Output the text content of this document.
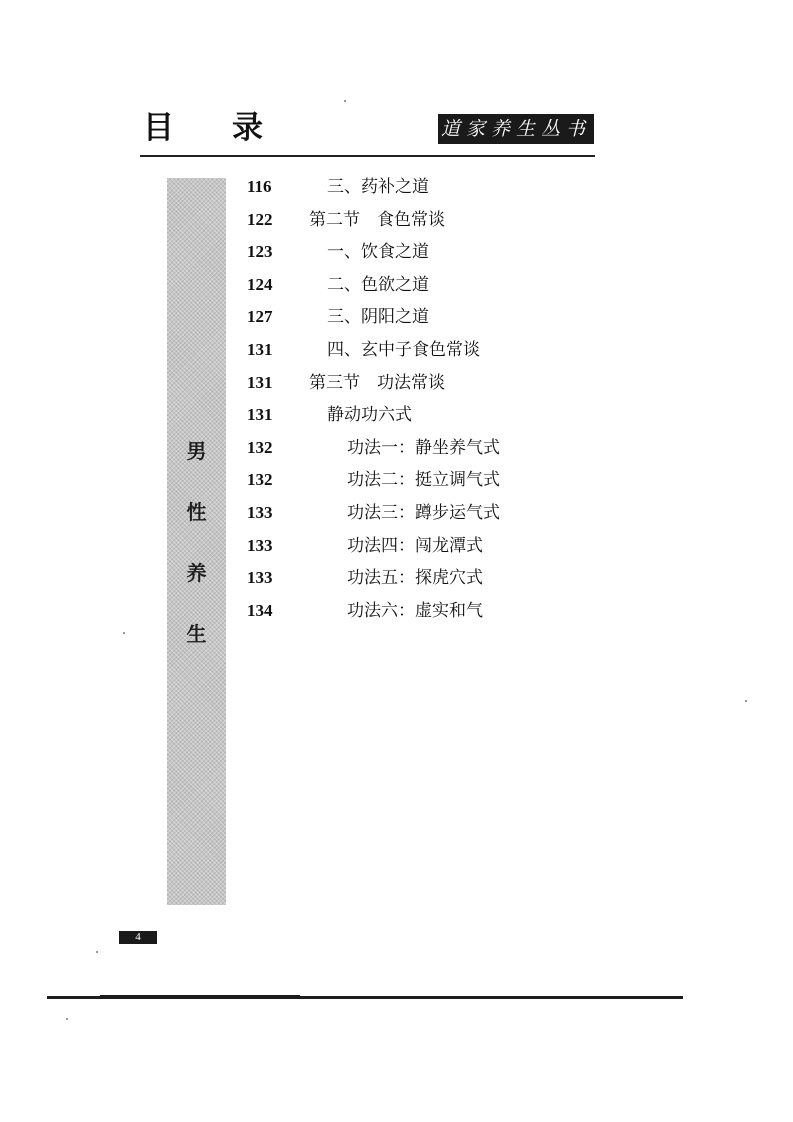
目录	道家养生丛书
男
性
养
生
116	三、药补之道
122	第二节　食色常谈
123	一、饮食之道
124	二、色欲之道
127	三、阴阳之道
131	四、玄中子食色常谈
131	第三节　功法常谈
131	静动功六式
132	功法一：静坐养气式
132	功法二：挺立调气式
133	功法三：蹲步运气式
133	功法四：闯龙潭式
133	功法五：探虎穴式
134	功法六：虚实和气
4
